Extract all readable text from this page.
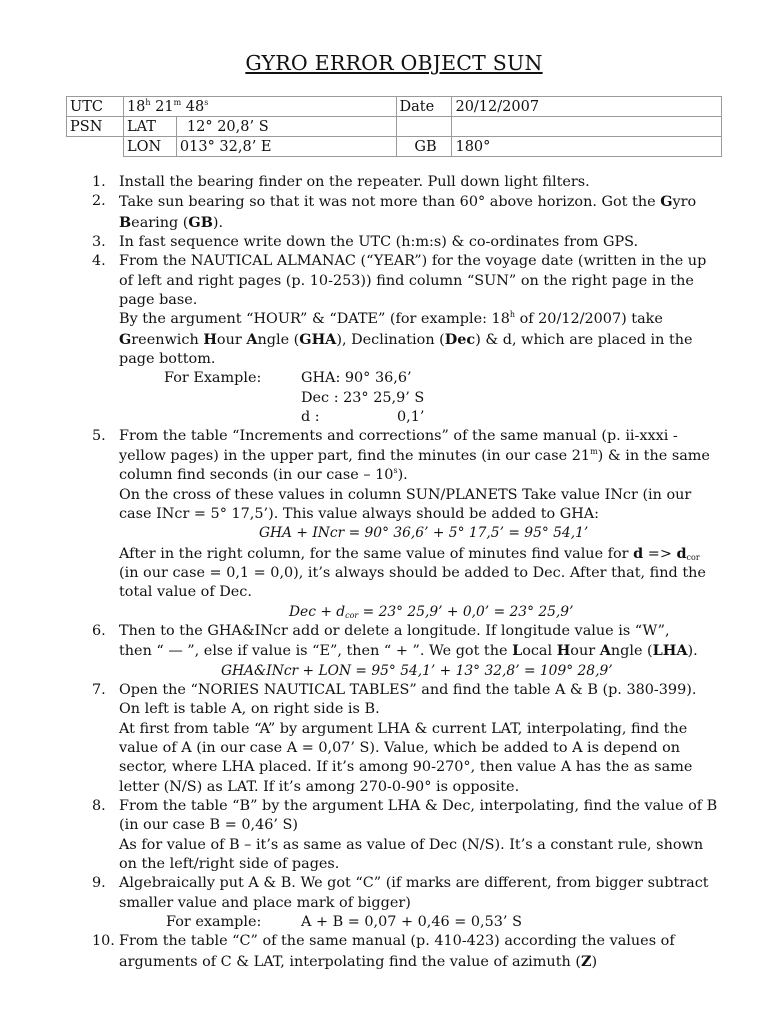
GYRO ERROR OBJECT SUN
UTC	18$^h$ 21$^m$ 48$^s$		Date	20/12/2007
PSN	LAT	12° 20,8’ S		
	LON	013° 32,8’ E	GB	180°
1. Install the bearing finder on the repeater. Pull down light filters.
2. Take sun bearing so that it was not more than 60° above horizon. Got the Gyro Bearing (GB).
3. In fast sequence write down the UTC (h:m:s) & co-ordinates from GPS.
4. From the NAUTICAL ALMANAC (“YEAR”) for the voyage date (written in the up of left and right pages (p. 10-253)) find column “SUN” on the right page in the page base.
By the argument “HOUR” & “DATE” (for example: 18$^h$ of 20/12/2007) take Greenwich Hour Angle (GHA), Declination (Dec) & d, which are placed in the page bottom.
For Example:	GHA: 90° 36,6’
Dec : 23° 25,9’ S
d :	0,1’
5. From the table “Increments and corrections” of the same manual (p. ii-xxxi -yellow pages) in the upper part, find the minutes (in our case 21$^m$) & in the same column find seconds (in our case – 10$^s$).
On the cross of these values in column SUN/PLANETS Take value INcr (in our case INcr = 5° 17,5’). This value always should be added to GHA:
GHA + INcr = 90° 36,6’ + 5° 17,5’ = 95° 54,1’
After in the right column, for the same value of minutes find value for $d => d_{cor}$ (in our case = 0,1 = 0,0), it’s always should be added to Dec. After that, find the total value of Dec.
Dec + $d_{cor} = 23^\circ$ 25,9’ + 0,0’ = 23° 25,9’
6. Then to the GHA&INcr add or delete a longitude. If longitude value is “W”,
then “ — ”, else if value is “E”, then “ + ”. We got the Local Hour Angle (LHA).
GHA&INcr + LON = 95° 54,1’ + 13° 32,8’ = 109° 28,9’
7. Open the “NORIES NAUTICAL TABLES” and find the table A & B (p. 380-399). On left is table A, on right side is B.
At first from table “A” by argument LHA & current LAT, interpolating, find the value of A (in our case A = 0,07’ S). Value, which be added to A is depend on sector, where LHA placed. If it’s among 90-270°, then value A has the as same letter (N/S) as LAT. If it’s among 270-0-90° is opposite.
8. From the table “B” by the argument LHA & Dec, interpolating, find the value of B (in our case B = 0,46’ S)
As for value of B – it’s as same as value of Dec (N/S). It’s a constant rule, shown on the left/right side of pages.
9. Algebraically put A & B. We got “C” (if marks are different, from bigger subtract smaller value and place mark of bigger)
For example:	A + B = 0,07 + 0,46 = 0,53’ S
10. From the table “C” of the same manual (p. 410-423) according the values of arguments of C & LAT, interpolating find the value of azimuth (Z)
